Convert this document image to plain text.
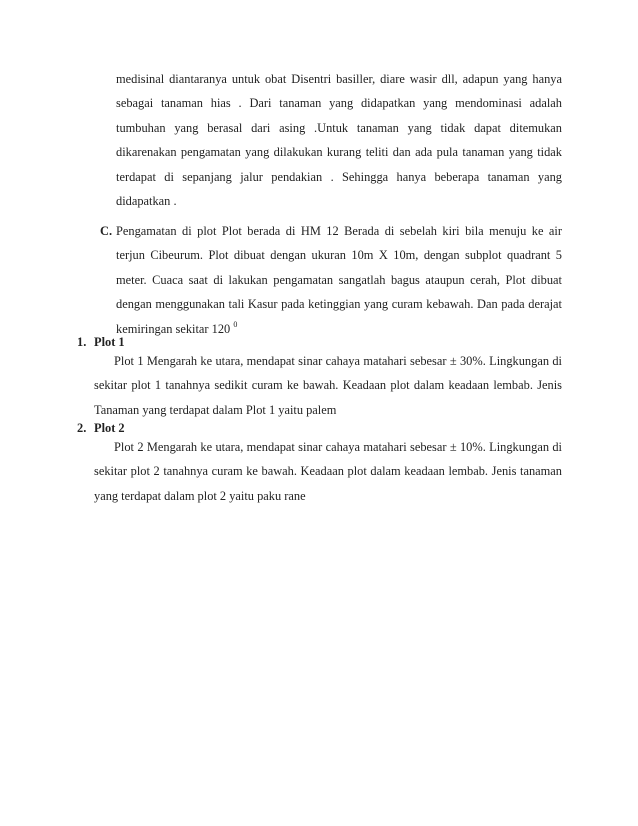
medisinal diantaranya untuk obat Disentri basiller, diare wasir dll, adapun yang hanya
sebagai tanaman hias . Dari tanaman yang didapatkan yang mendominasi adalah
tumbuhan yang berasal dari asing .Untuk tanaman yang tidak dapat ditemukan
dikarenakan pengamatan yang dilakukan kurang teliti dan ada pula tanaman yang tidak
terdapat di sepanjang jalur pendakian . Sehingga hanya beberapa tanaman yang
didapatkan .
C. Pengamatan di plot Plot berada di HM 12 Berada di sebelah kiri bila menuju ke air
terjun Cibeurum. Plot dibuat dengan ukuran 10m X 10m, dengan subplot quadrant 5
meter. Cuaca saat di lakukan pengamatan sangatlah bagus ataupun cerah, Plot dibuat
dengan menggunakan tali Kasur pada ketinggian yang curam kebawah. Dan pada derajat
kemiringan sekitar 120 $^0$
1. Plot 1
Plot 1 Mengarah ke utara, mendapat sinar cahaya matahari sebesar ± 30%. Lingkungan di
sekitar plot 1 tanahnya sedikit curam ke bawah. Keadaan plot dalam keadaan lembab. Jenis
Tanaman yang terdapat dalam Plot 1 yaitu palem
2. Plot 2
Plot 2 Mengarah ke utara, mendapat sinar cahaya matahari sebesar ± 10%. Lingkungan di
sekitar plot 2 tanahnya curam ke bawah. Keadaan plot dalam keadaan lembab. Jenis tanaman
yang terdapat dalam plot 2 yaitu paku rane
